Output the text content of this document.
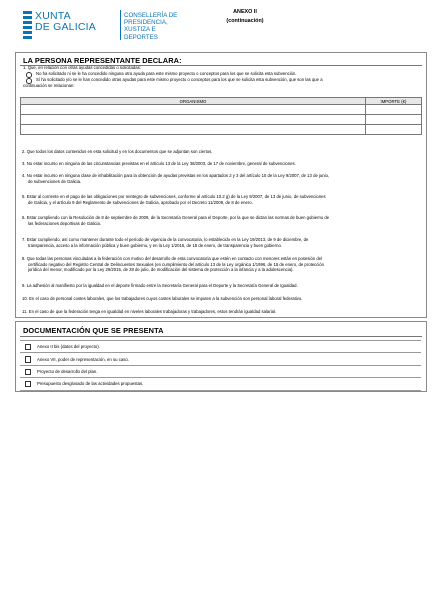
XUNTA
DE GALICIA
CONSELLERÍA DE
PRESIDENCIA,
XUSTIZA E DEPORTES
ANEXO II
(continuación)
LA PERSONA REPRESENTANTE DECLARA:
1. Que, en relación con otras ayudas concedidas o solicitadas:
No ha solicitado ni se le ha concedido ninguna otra ayuda para este mismo proyecto o conceptos para los que se solicita esta subvención.
Sí ha solicitado y/o se le han concedido otras ayudas para este mismo proyecto o conceptos para los que se solicita esta subvención, que son las que a
continuación se relacionan:
ORGANISMO	IMPORTE (€)

2. Que todos los datos contenidos en esta solicitud y en los documentos que se adjuntan son ciertos.
3. No estar incurso en ninguna de las circunstancias previstas en el artículo 13 de la Ley 38/2003, de 17 de noviembre, general de subvenciones.
4. No estar incurso en ninguna clase de inhabilitación para la obtención de ayudas previstas en los apartados 2 y 3 del artículo 10 de la Ley 9/2007, de 13 de junio,
de subvenciones de Galicia.
5. Estar al corriente en el pago de las obligaciones por reintegro de subvenciones, conforme al artículo 10.2 g) de la Ley 9/2007, de 13 de junio, de subvenciones
de Galicia, y el artículo 9 del Reglamento de subvenciones de Galicia, aprobado por el Decreto 11/2009, de 8 de enero.
6. Estar cumpliendo con la Resolución de 8 de septiembre de 2009, de la Secretaría General para el Deporte, por la que se dictan las normas de buen gobierno de
las federaciones deportivas de Galicia.
7. Estar cumpliendo, así como mantener durante todo el período de vigencia de la convocatoria, lo establecido en la Ley 19/2013, de 9 de diciembre, de
transparencia, acceso a la información pública y buen gobierno, y en la Ley 1/2016, de 18 de enero, de transparencia y buen gobierno.
8. Que todas las personas vinculadas a la federación con motivo del desarrollo de esta convocatoria que estén en contacto con menores están en posesión del
certificado negativo del Registro Central de Delincuentes Sexuales (en cumplimiento del artículo 13 de la Ley orgánica 1/1996, de 15 de enero, de protección
jurídica del menor, modificado por la Ley 26/2015, de 28 de julio, de modificación del sistema de protección a la infancia y a la adolescencia).
9. La adhesión al manifiesto por la igualdad en el deporte firmado entre la Secretaría General para el Deporte y la Secretaría General de Igualdad.
10. En el caso de personal costes laborales, que los trabajadores cuyos costes laborales se imputen a la subvención son personal laboral federativo.
11. En el caso de que la federación tenga en igualdad en niveles laborales trabajadoras y trabajadores, estos tendrán igualdad salarial.
DOCUMENTACIÓN QUE SE PRESENTA
Anexo II bis (datos del proyecto).
Anexo VII, poder de representación, en su caso.
Proyecto de desarrollo del plan.
Presupuesto desglosado de las actividades propuestas.
